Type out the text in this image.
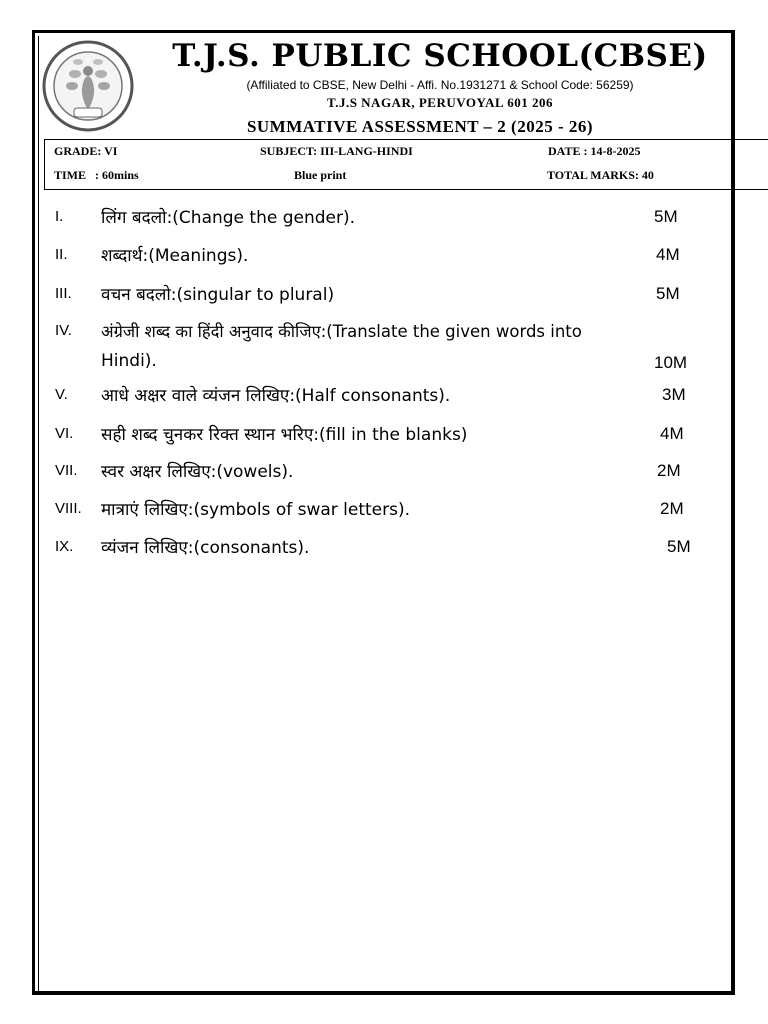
T.J.S. PUBLIC SCHOOL(CBSE)
(Affiliated to CBSE, New Delhi - Affi. No.1931271 & School Code: 56259)
T.J.S NAGAR, PERUVOYAL 601 206
SUMMATIVE ASSESSMENT – 2 (2025 - 26)
GRADE: VI	SUBJECT: III-LANG-HINDI	DATE : 14-8-2025
TIME   : 60mins	Blue print	TOTAL MARKS: 40
I. लिंग बदलो:(Change the gender).	5M
II. शब्दार्थ:(Meanings).	4M
III. वचन बदलो:(singular to plural)	5M
IV. अंग्रेजी शब्द का हिंदी अनुवाद कीजिए:(Translate the given words into
Hindi).	10M
V. आधे अक्षर वाले व्यंजन लिखिए:(Half consonants).	3M
VI. सही शब्द चुनकर रिक्त स्थान भरिए:(fill in the blanks)	4M
VII. स्वर अक्षर लिखिए:(vowels).	2M
VIII. मात्राएं लिखिए:(symbols of swar letters).	2M
IX. व्यंजन लिखिए:(consonants).	5M
